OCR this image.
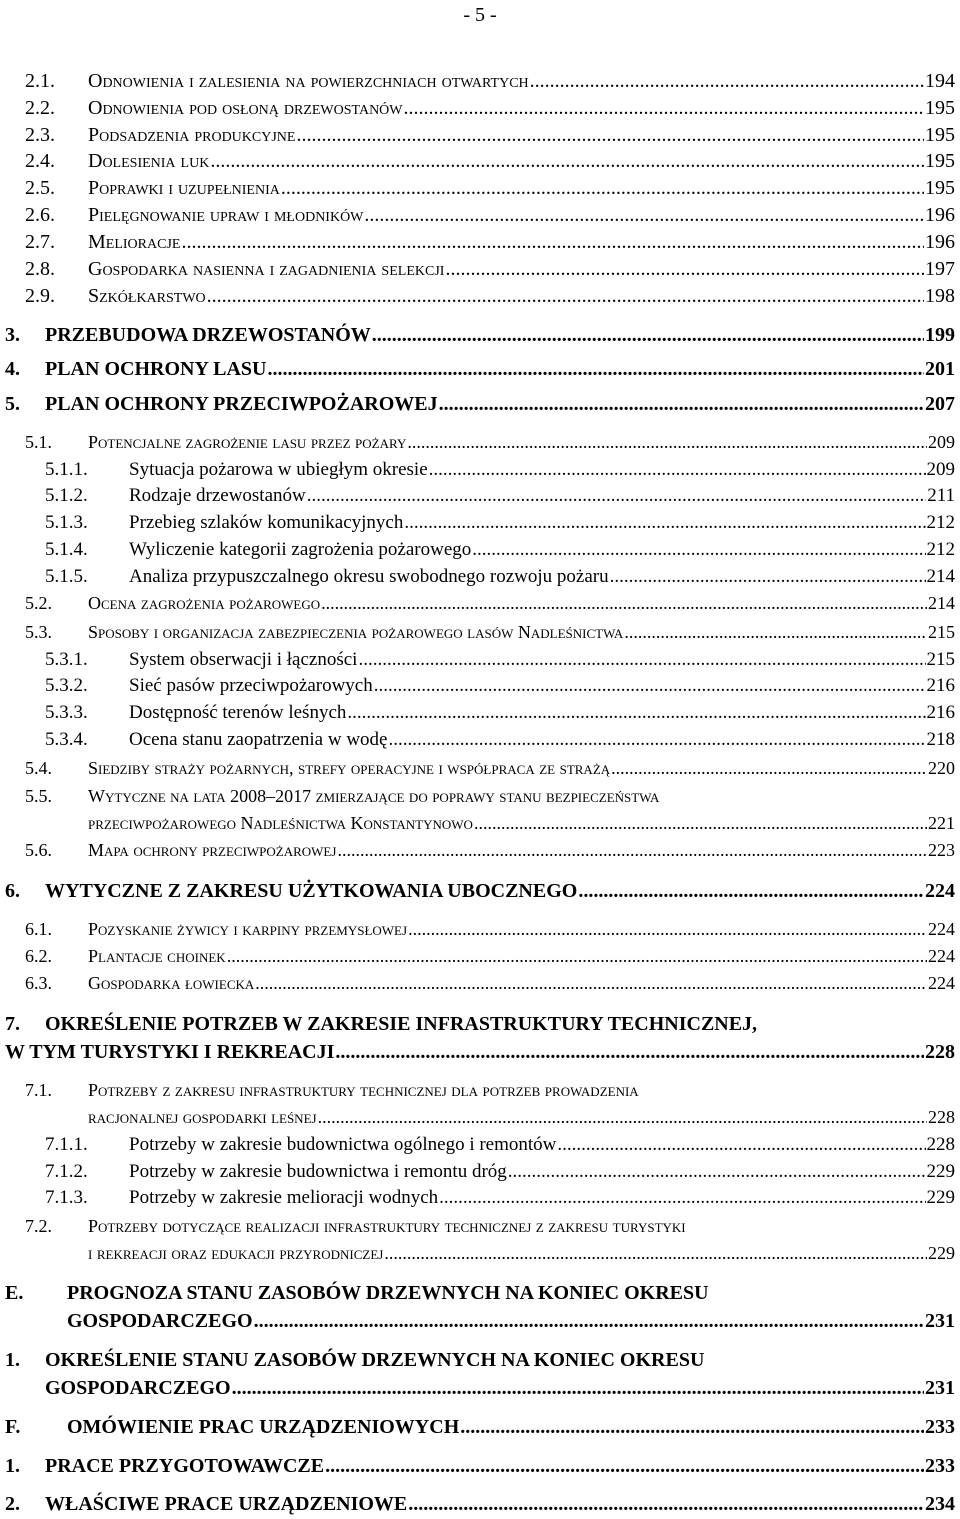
- 5 -
2.1.	Odnowienia i zalesienia na powierzchniach otwartych .....	194
2.2.	Odnowienia pod osłoną drzewostanów .....	195
2.3.	Podsadzenia produkcyjne .....	195
2.4.	Dolesienia luk .....	195
2.5.	Poprawki i uzupełnienia .....	195
2.6.	Pielęgnowanie upraw i młodników .....	196
2.7.	Melioracje .....	196
2.8.	Gospodarka nasienna i zagadnienia selekcji .....	197
2.9.	Szkółkarstwo .....	198
3.	PRZEBUDOWA DRZEWOSTANÓW .....	199
4.	PLAN OCHRONY LASU .....	201
5.	PLAN OCHRONY PRZECIWPOŻAROWEJ .....	207
5.1.	Potencjalne zagrożenie lasu przez pożary .....	209
5.1.1.	Sytuacja pożarowa w ubiegłym okresie .....	209
5.1.2.	Rodzaje drzewostanów .....	211
5.1.3.	Przebieg szlaków komunikacyjnych .....	212
5.1.4.	Wyliczenie kategorii zagrożenia pożarowego .....	212
5.1.5.	Analiza przypuszczalnego okresu swobodnego rozwoju pożaru .....	214
5.2.	Ocena zagrożenia pożarowego .....	214
5.3.	Sposoby i organizacja zabezpieczenia pożarowego lasów Nadleśnictwa .....	215
5.3.1.	System obserwacji i łączności .....	215
5.3.2.	Sieć pasów przeciwpożarowych .....	216
5.3.3.	Dostępność terenów leśnych .....	216
5.3.4.	Ocena stanu zaopatrzenia w wodę .....	218
5.4.	Siedziby straży pożarnych, strefy operacyjne i współpraca ze strażą .....	220
5.5.	Wytyczne na lata 2008–2017 zmierzające do poprawy stanu bezpieczeństwa
przeciwpożarowego Nadleśnictwa Konstantynowo .....	221
5.6.	Mapa ochrony przeciwpożarowej .....	223
6.	WYTYCZNE Z ZAKRESU UŻYTKOWANIA UBOCZNEGO .....	224
6.1.	Pozyskanie żywicy i karpiny przemysłowej .....	224
6.2.	Plantacje choinek .....	224
6.3.	Gospodarka łowiecka .....	224
7.	OKREŚLENIE POTRZEB W ZAKRESIE INFRASTRUKTURY TECHNICZNEJ,
W TYM TURYSTYKI I REKREACJI .....	228
7.1.	Potrzeby z zakresu infrastruktury technicznej dla potrzeb prowadzenia
racjonalnej gospodarki leśnej .....	228
7.1.1.	Potrzeby w zakresie budownictwa ogólnego i remontów .....	228
7.1.2.	Potrzeby w zakresie budownictwa i remontu dróg .....	229
7.1.3.	Potrzeby w zakresie melioracji wodnych .....	229
7.2.	Potrzeby dotyczące realizacji infrastruktury technicznej z zakresu turystyki
i rekreacji oraz edukacji przyrodniczej .....	229
E.	PROGNOZA STANU ZASOBÓW DRZEWNYCH NA KONIEC OKRESU
GOSPODARCZEGO .....	231
1.	OKREŚLENIE STANU ZASOBÓW DRZEWNYCH NA KONIEC OKRESU
GOSPODARCZEGO .....	231
F.	OMÓWIENIE PRAC URZĄDZENIOWYCH .....	233
1.	PRACE PRZYGOTOWAWCZE .....	233
2.	WŁAŚCIWE PRACE URZĄDZENIOWE .....	234
